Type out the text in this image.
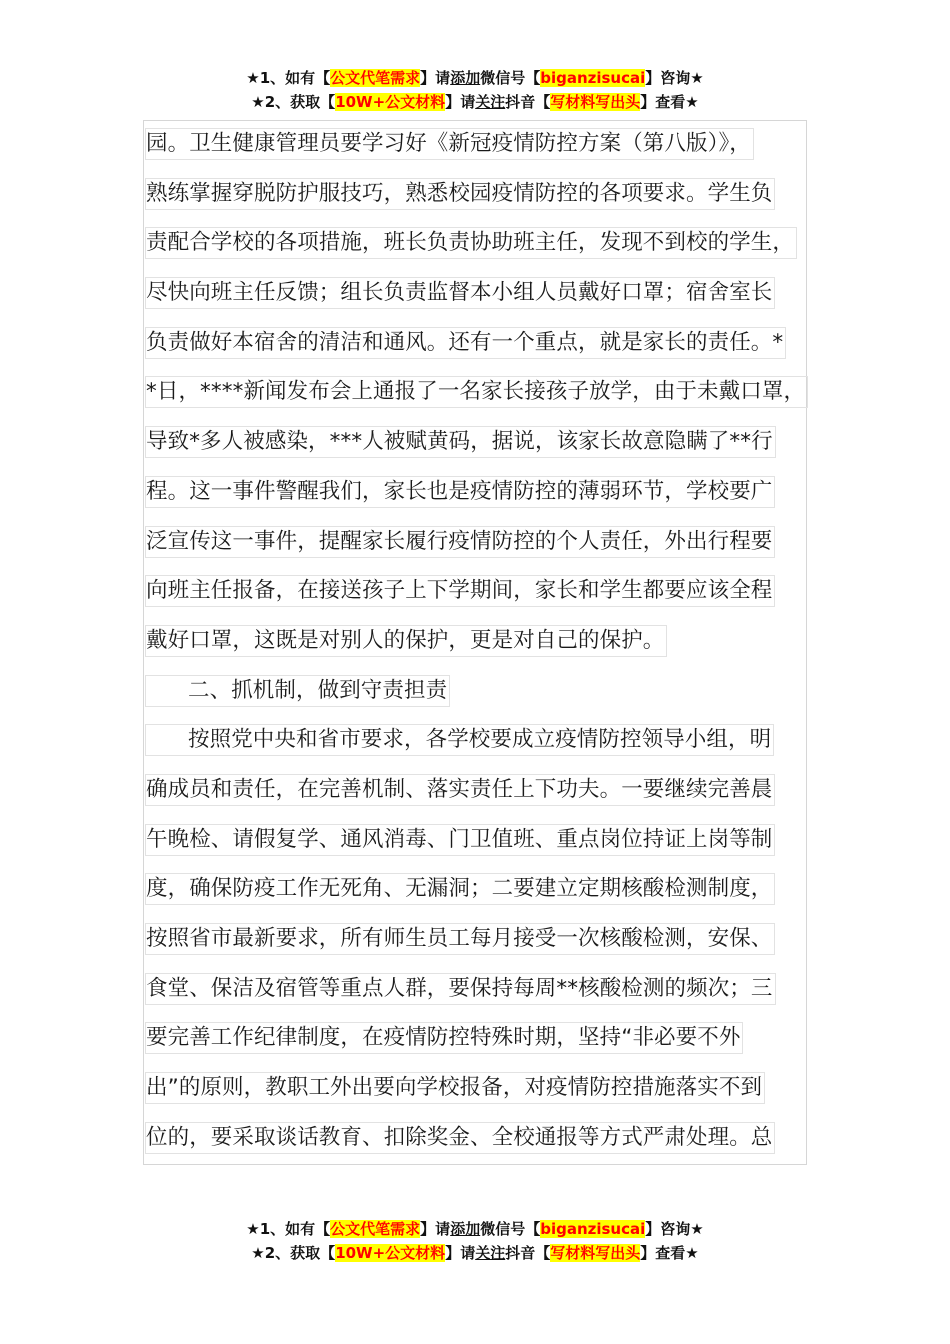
★1、如有【公文代笔需求】请添加微信号【biganzisucai】咨询★
★2、获取【10W+公文材料】请关注抖音【写材料写出头】查看★
园。卫生健康管理员要学习好《新冠疫情防控方案（第八版）》，
熟练掌握穿脱防护服技巧，熟悉校园疫情防控的各项要求。学生负
责配合学校的各项措施，班长负责协助班主任，发现不到校的学生，
尽快向班主任反馈；组长负责监督本小组人员戴好口罩；宿舍室长
负责做好本宿舍的清洁和通风。还有一个重点，就是家长的责任。*
*日，****新闻发布会上通报了一名家长接孩子放学，由于未戴口罩，
导致*多人被感染，***人被赋黄码，据说，该家长故意隐瞒了**行
程。这一事件警醒我们，家长也是疫情防控的薄弱环节，学校要广
泛宣传这一事件，提醒家长履行疫情防控的个人责任，外出行程要
向班主任报备，在接送孩子上下学期间，家长和学生都要应该全程
戴好口罩，这既是对别人的保护，更是对自己的保护。
二、抓机制，做到守责担责
按照党中央和省市要求，各学校要成立疫情防控领导小组，明
确成员和责任，在完善机制、落实责任上下功夫。一要继续完善晨
午晚检、请假复学、通风消毒、门卫值班、重点岗位持证上岗等制
度，确保防疫工作无死角、无漏洞；二要建立定期核酸检测制度，
按照省市最新要求，所有师生员工每月接受一次核酸检测，安保、
食堂、保洁及宿管等重点人群，要保持每周**核酸检测的频次；三
要完善工作纪律制度，在疫情防控特殊时期，坚持“非必要不外
出”的原则，教职工外出要向学校报备，对疫情防控措施落实不到
位的，要采取谈话教育、扣除奖金、全校通报等方式严肃处理。总
★1、如有【公文代笔需求】请添加微信号【biganzisucai】咨询★
★2、获取【10W+公文材料】请关注抖音【写材料写出头】查看★
